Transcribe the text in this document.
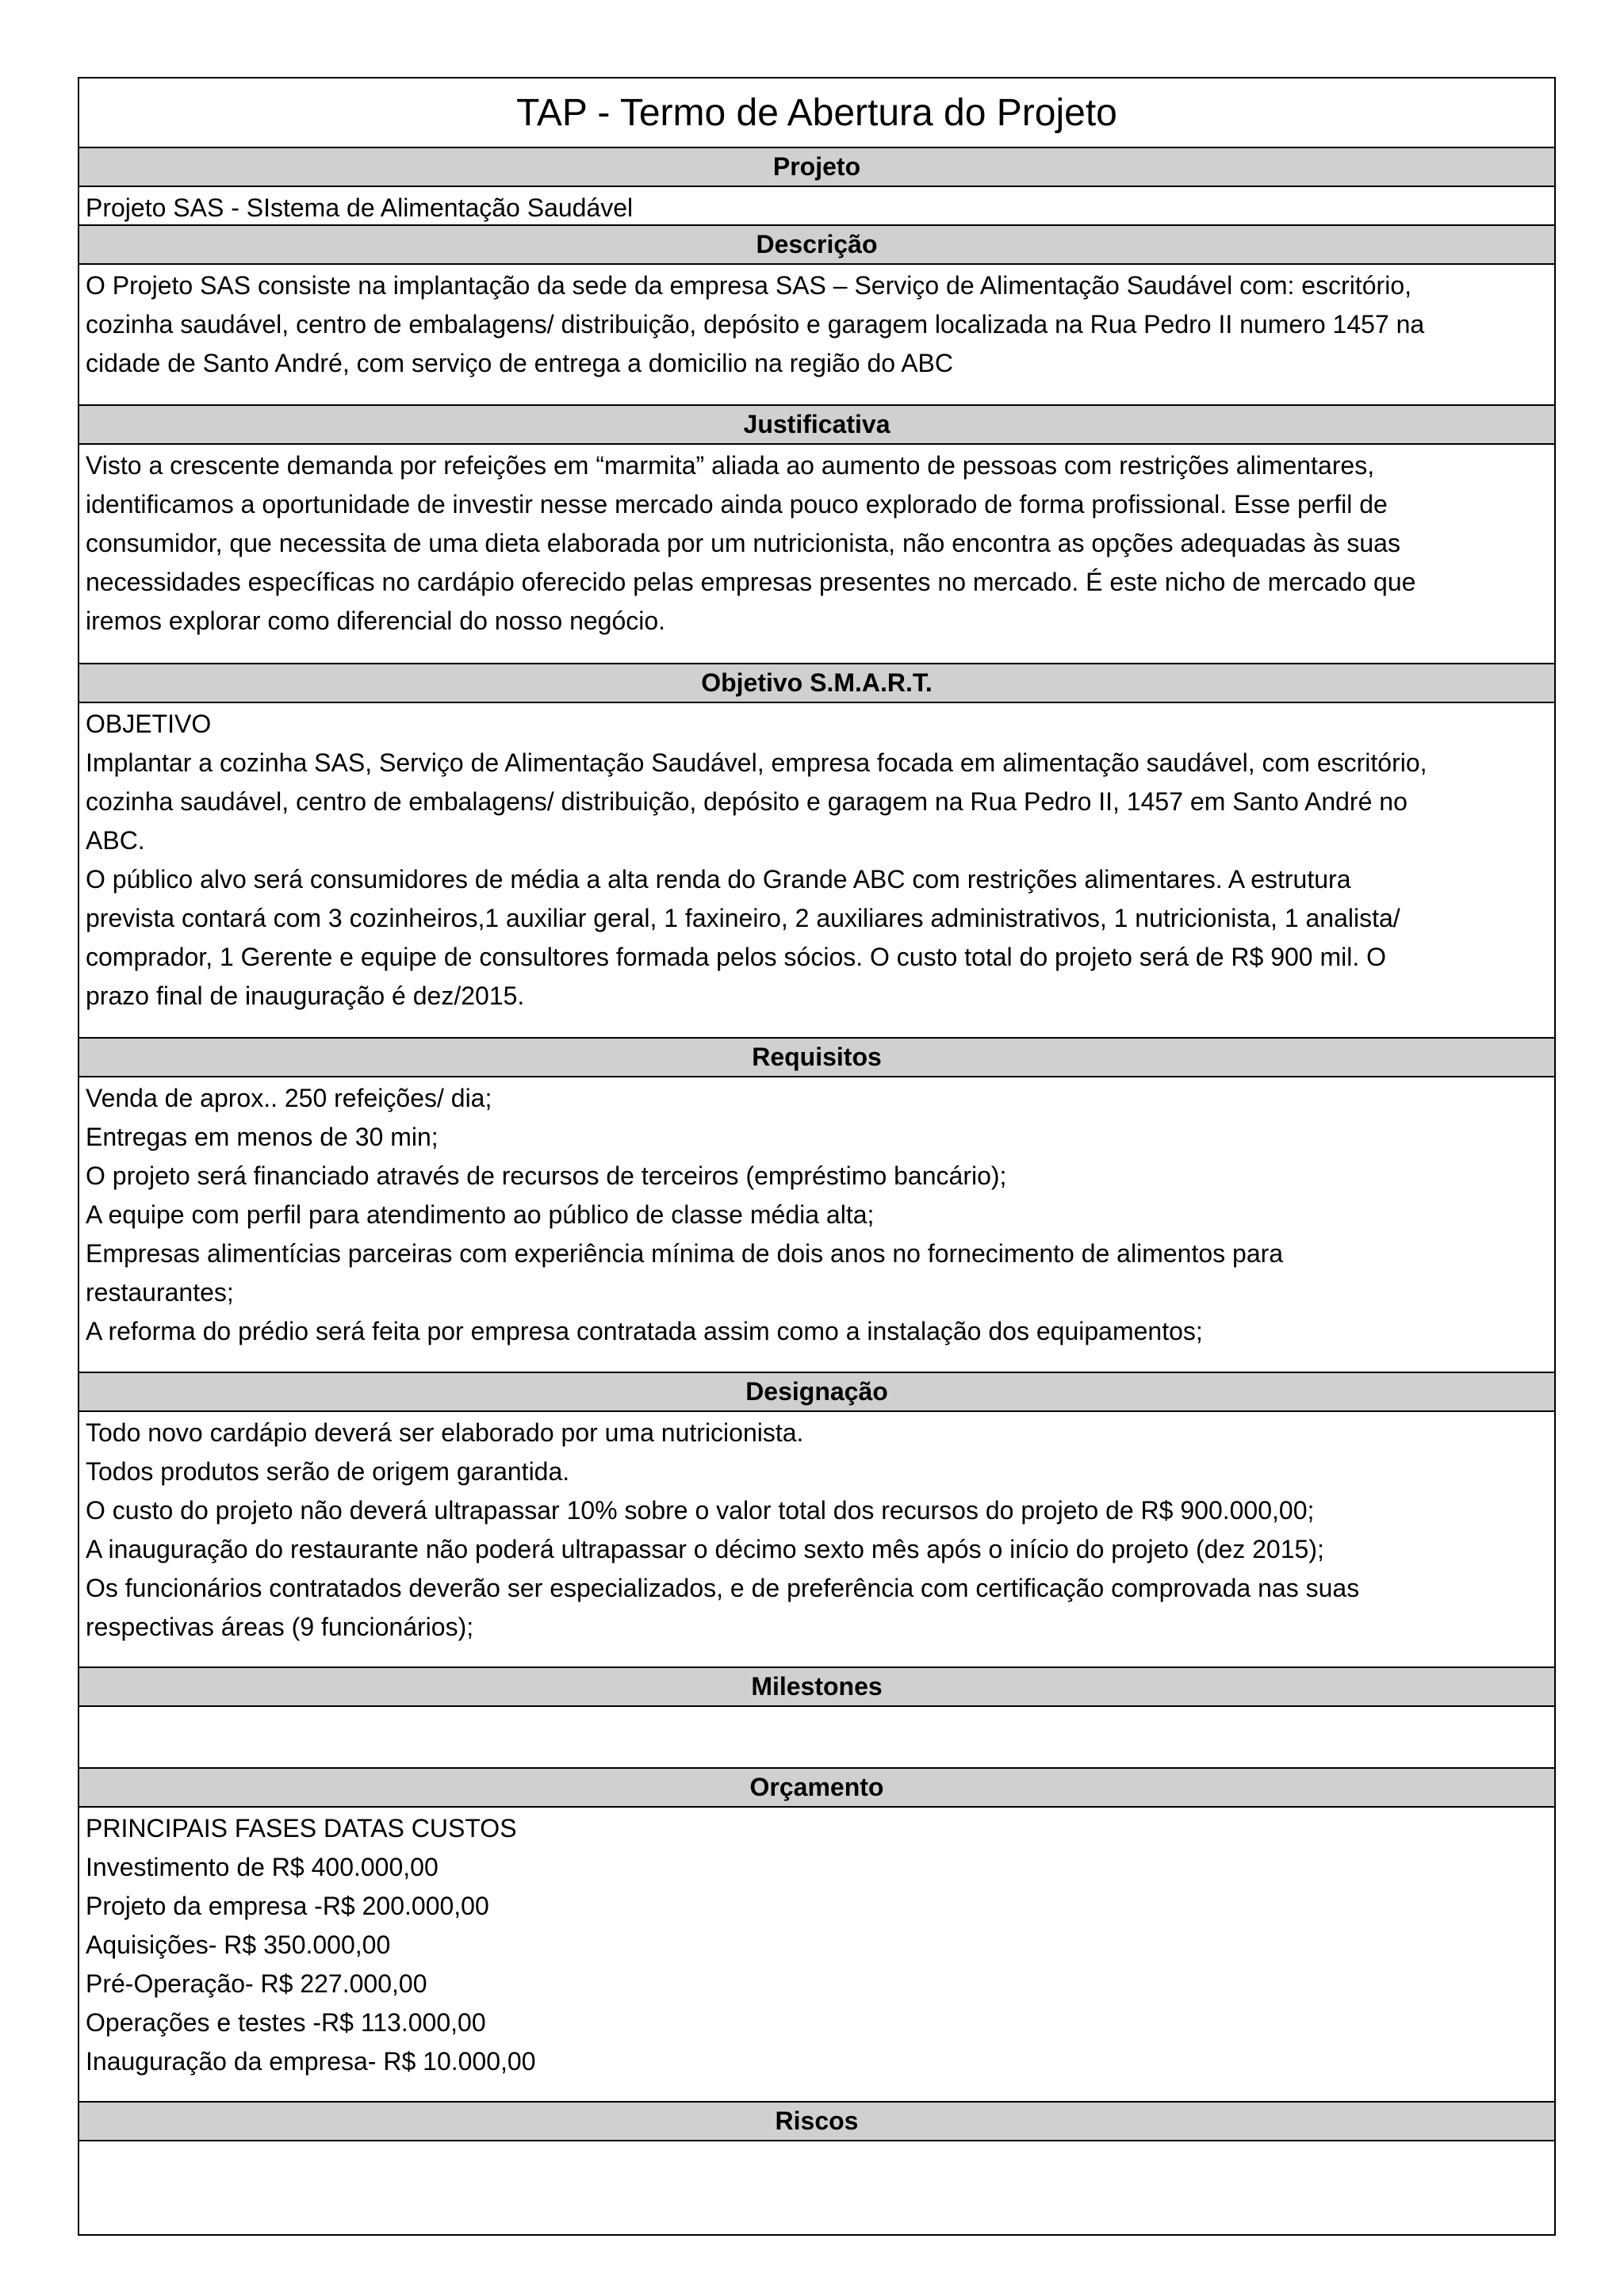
TAP - Termo de Abertura do Projeto
Projeto
Projeto SAS - SIstema de Alimentação Saudável
Descrição
O Projeto SAS consiste na implantação da sede da empresa SAS – Serviço de Alimentação Saudável com: escritório,
cozinha saudável, centro de embalagens/ distribuição, depósito e garagem localizada na Rua Pedro II numero 1457 na
cidade de Santo André, com serviço de entrega a domicilio na região do ABC
Justificativa
Visto a crescente demanda por refeições em “marmita” aliada ao aumento de pessoas com restrições alimentares,
identificamos a oportunidade de investir nesse mercado ainda pouco explorado de forma profissional. Esse perfil de
consumidor, que necessita de uma dieta elaborada por um nutricionista, não encontra as opções adequadas às suas
necessidades específicas no cardápio oferecido pelas empresas presentes no mercado. É este nicho de mercado que
iremos explorar como diferencial do nosso negócio.
Objetivo S.M.A.R.T.
OBJETIVO
Implantar a cozinha SAS, Serviço de Alimentação Saudável, empresa focada em alimentação saudável, com escritório,
cozinha saudável, centro de embalagens/ distribuição, depósito e garagem na Rua Pedro II, 1457 em Santo André no
ABC.
O público alvo será consumidores de média a alta renda do Grande ABC com restrições alimentares. A estrutura
prevista contará com 3 cozinheiros,1 auxiliar geral, 1 faxineiro, 2 auxiliares administrativos, 1 nutricionista, 1 analista/
comprador, 1 Gerente e equipe de consultores formada pelos sócios. O custo total do projeto será de R$ 900 mil. O
prazo final de inauguração é dez/2015.
Requisitos
Venda de aprox.. 250 refeições/ dia;
Entregas em menos de 30 min;
O projeto será financiado através de recursos de terceiros (empréstimo bancário);
A equipe com perfil para atendimento ao público de classe média alta;
Empresas alimentícias parceiras com experiência mínima de dois anos no fornecimento de alimentos para
restaurantes;
A reforma do prédio será feita por empresa contratada assim como a instalação dos equipamentos;
Designação
Todo novo cardápio deverá ser elaborado por uma nutricionista.
Todos produtos serão de origem garantida.
O custo do projeto não deverá ultrapassar 10% sobre o valor total dos recursos do projeto de R$ 900.000,00;
A inauguração do restaurante não poderá ultrapassar o décimo sexto mês após o início do projeto (dez 2015);
Os funcionários contratados deverão ser especializados, e de preferência com certificação comprovada nas suas
respectivas áreas (9 funcionários);
Milestones
Orçamento
PRINCIPAIS FASES DATAS CUSTOS
Investimento de R$ 400.000,00
Projeto da empresa -R$ 200.000,00
Aquisições- R$ 350.000,00
Pré-Operação- R$ 227.000,00
Operações e testes -R$ 113.000,00
Inauguração da empresa- R$ 10.000,00
Riscos
